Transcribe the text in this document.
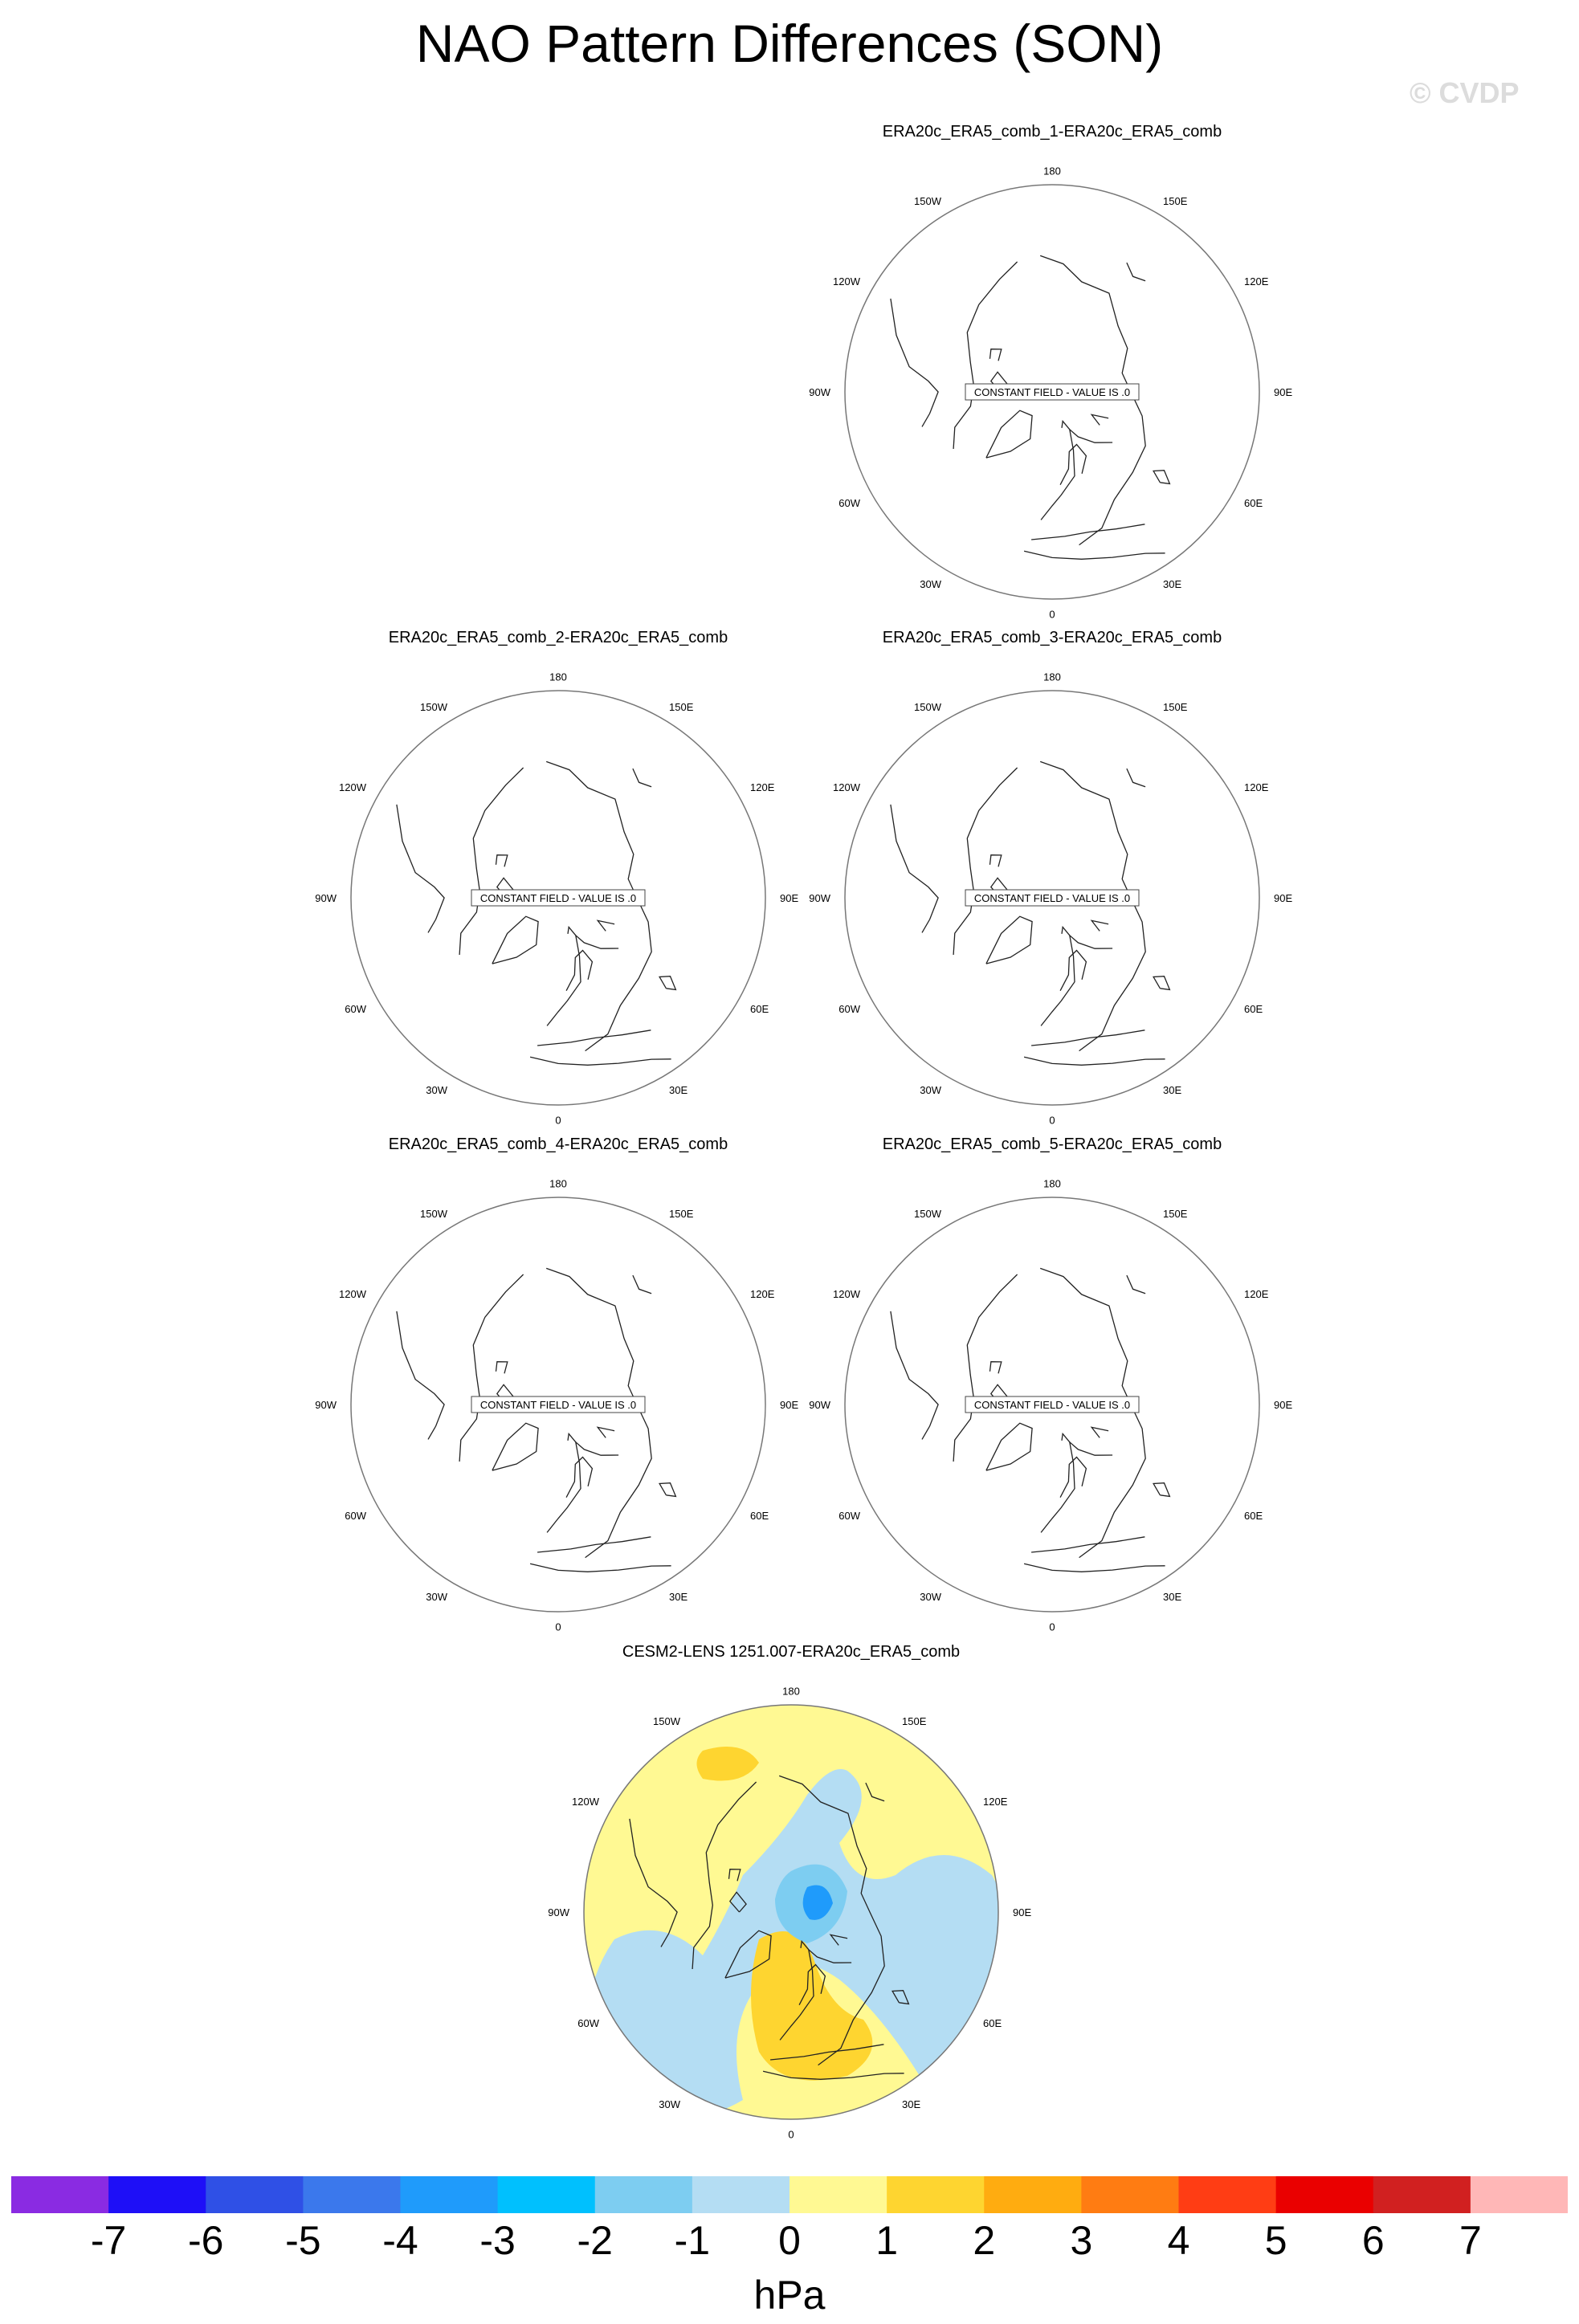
NAO Pattern Differences (SON)
© CVDP
ERA20c_ERA5_comb_1-ERA20c_ERA5_comb
180
150E
120E
90E
60E
30E
0
30W
60W
90W
120W
150W
CONSTANT FIELD - VALUE IS .0
ERA20c_ERA5_comb_2-ERA20c_ERA5_comb
180
150E
120E
90E
60E
30E
0
30W
60W
90W
120W
150W
CONSTANT FIELD - VALUE IS .0
ERA20c_ERA5_comb_3-ERA20c_ERA5_comb
180
150E
120E
90E
60E
30E
0
30W
60W
90W
120W
150W
CONSTANT FIELD - VALUE IS .0
ERA20c_ERA5_comb_4-ERA20c_ERA5_comb
180
150E
120E
90E
60E
30E
0
30W
60W
90W
120W
150W
CONSTANT FIELD - VALUE IS .0
ERA20c_ERA5_comb_5-ERA20c_ERA5_comb
180
150E
120E
90E
60E
30E
0
30W
60W
90W
120W
150W
CONSTANT FIELD - VALUE IS .0
CESM2-LENS 1251.007-ERA20c_ERA5_comb
180
150E
120E
90E
60E
30E
0
30W
60W
90W
120W
150W
-7	-6	-5	-4	-3	-2	-1	0	1	2	3	4	5	6	7
hPa
